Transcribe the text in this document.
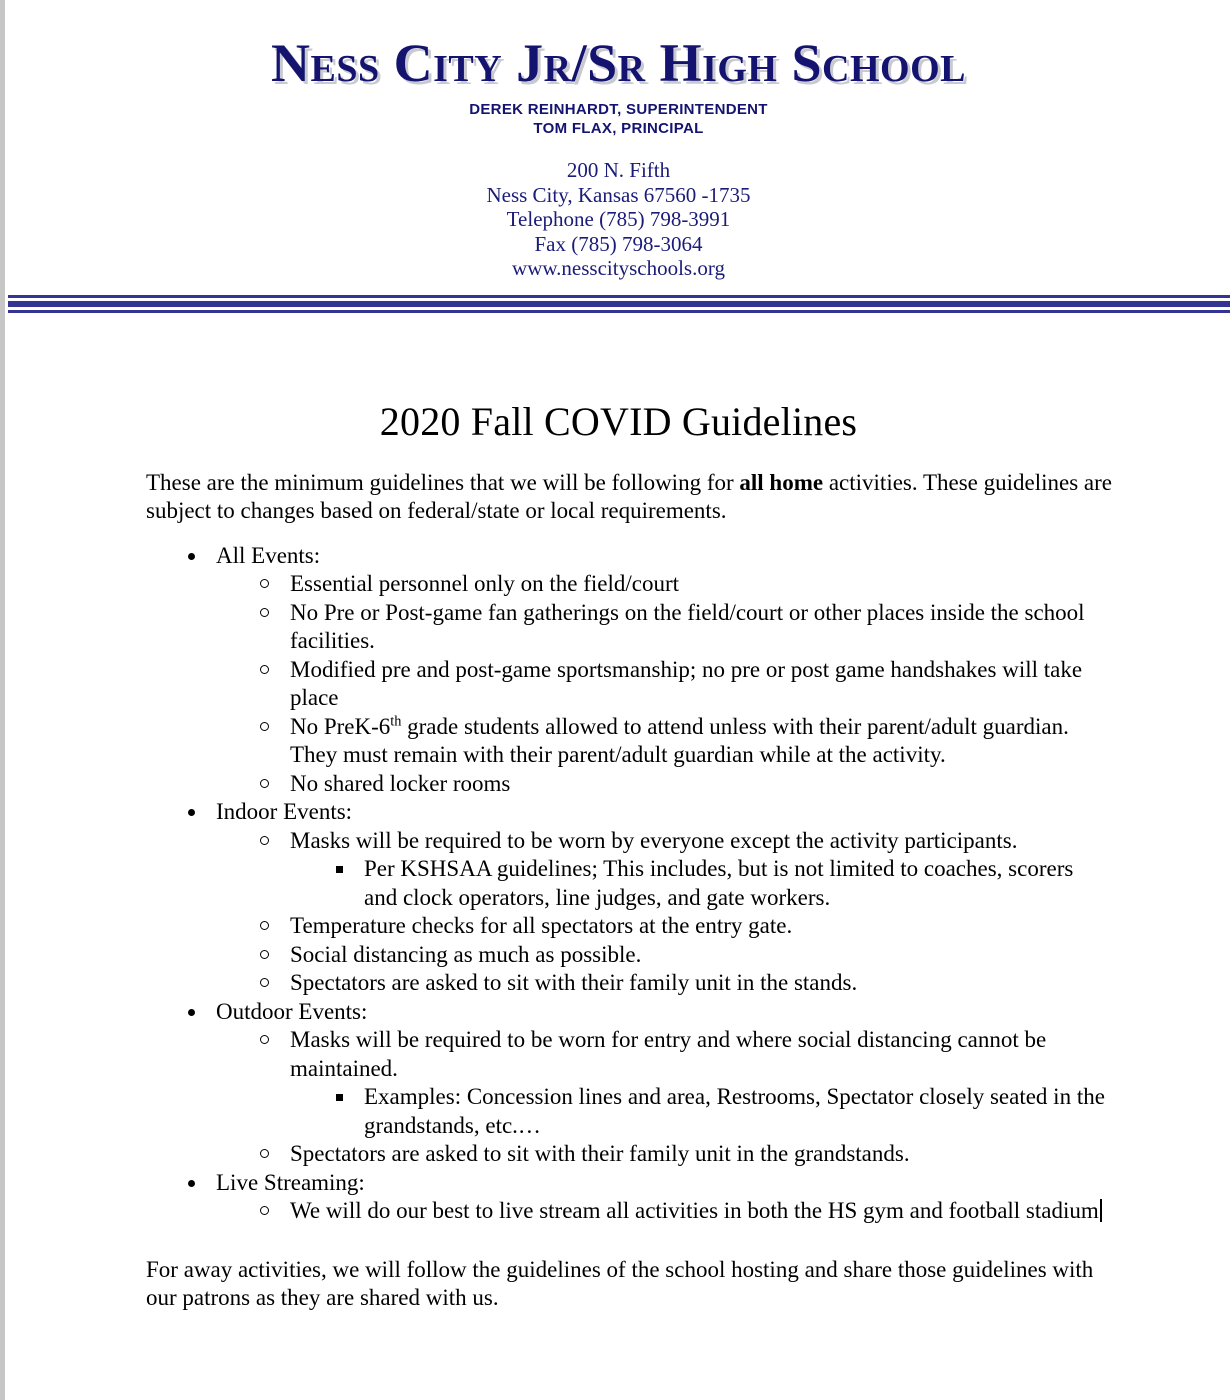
Ness City Jr/Sr High School
DEREK REINHARDT, SUPERINTENDENT
TOM FLAX, PRINCIPAL
200 N. Fifth
Ness City, Kansas 67560 -1735
Telephone (785) 798-3991
Fax (785) 798-3064
www.nesscityschools.org
2020 Fall COVID Guidelines

These are the minimum guidelines that we will be following for all home activities. These guidelines are subject to changes based on federal/state or local requirements.

All Events:
Essential personnel only on the field/court
No Pre or Post-game fan gatherings on the field/court or other places inside the school facilities.
Modified pre and post-game sportsmanship; no pre or post game handshakes will take place
No PreK-6th grade students allowed to attend unless with their parent/adult guardian. They must remain with their parent/adult guardian while at the activity.
No shared locker rooms
Indoor Events:
Masks will be required to be worn by everyone except the activity participants.
Per KSHSAA guidelines; This includes, but is not limited to coaches, scorers and clock operators, line judges, and gate workers.
Temperature checks for all spectators at the entry gate.
Social distancing as much as possible.
Spectators are asked to sit with their family unit in the stands.
Outdoor Events:
Masks will be required to be worn for entry and where social distancing cannot be maintained.
Examples: Concession lines and area, Restrooms, Spectator closely seated in the grandstands, etc.…
Spectators are asked to sit with their family unit in the grandstands.
Live Streaming:
We will do our best to live stream all activities in both the HS gym and football stadium

For away activities, we will follow the guidelines of the school hosting and share those guidelines with our patrons as they are shared with us.
